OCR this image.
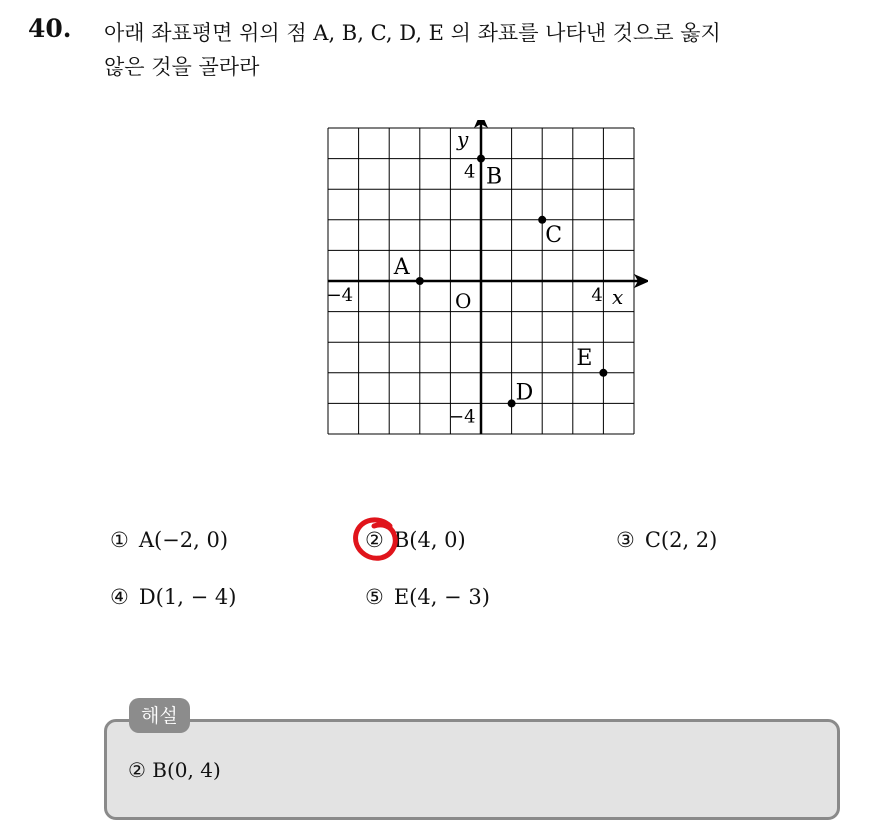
40. 아래 좌표평면 위의 점 A, B, C, D, E 의 좌표를 나타낸 것으로 옳지
않은 것을 골라라
O	x
y
−4	4
4
−4
A
B
C
D
E
① A(−2, 0)	② B(4, 0)	③ C(2, 2)
④ D(1, − 4)	⑤ E(4, − 3)
해설
② B(0, 4)
